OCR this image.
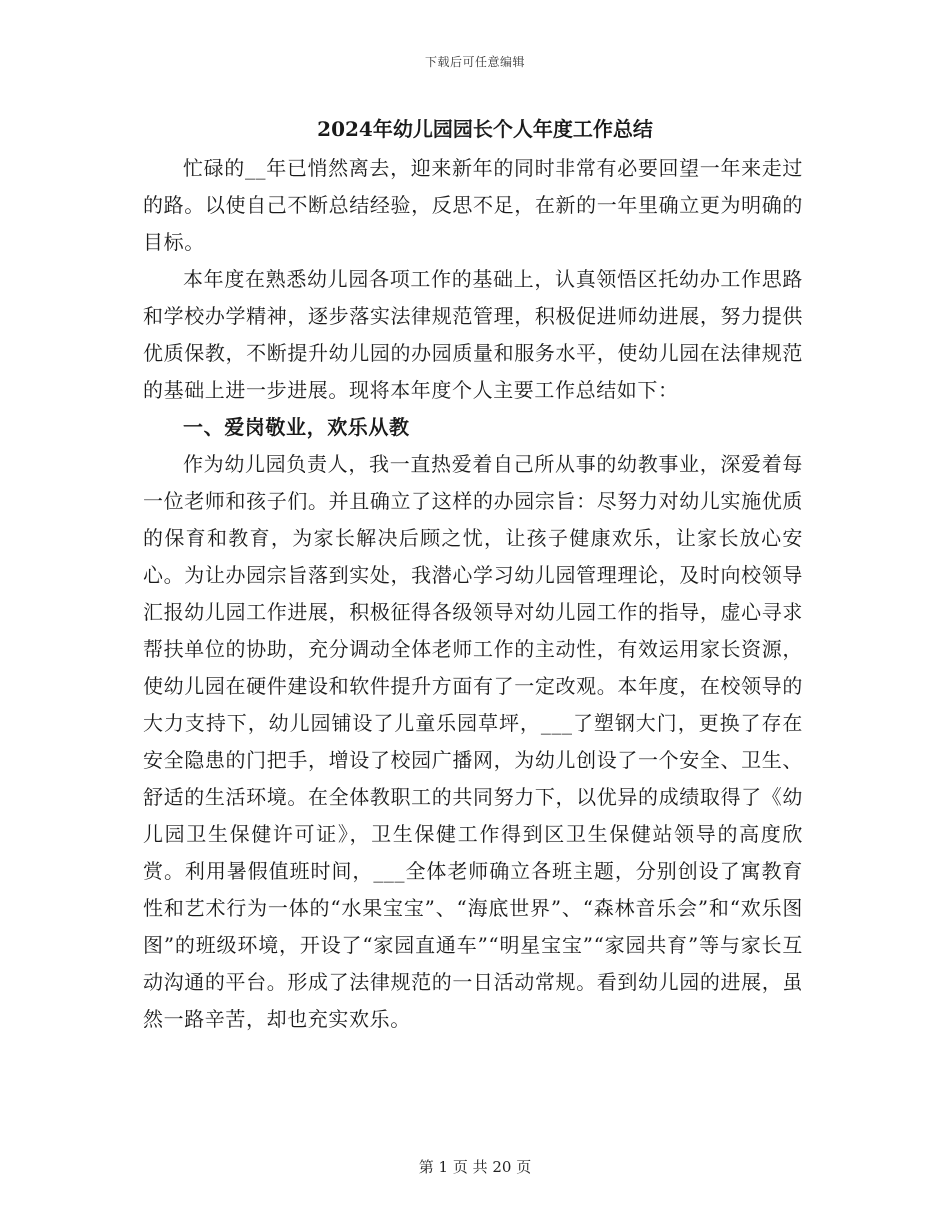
下载后可任意编辑
2024年幼儿园园长个人年度工作总结

忙碌的__年已悄然离去，迎来新年的同时非常有必要回望一年来走过的路。以使自己不断总结经验，反思不足，在新的一年里确立更为明确的目标。

本年度在熟悉幼儿园各项工作的基础上，认真领悟区托幼办工作思路和学校办学精神，逐步落实法律规范管理，积极促进师幼进展，努力提供优质保教，不断提升幼儿园的办园质量和服务水平，使幼儿园在法律规范的基础上进一步进展。现将本年度个人主要工作总结如下：

一、爱岗敬业，欢乐从教

作为幼儿园负责人，我一直热爱着自己所从事的幼教事业，深爱着每一位老师和孩子们。并且确立了这样的办园宗旨：尽努力对幼儿实施优质的保育和教育，为家长解决后顾之忧，让孩子健康欢乐，让家长放心安心。为让办园宗旨落到实处，我潜心学习幼儿园管理理论，及时向校领导汇报幼儿园工作进展，积极征得各级领导对幼儿园工作的指导，虚心寻求帮扶单位的协助，充分调动全体老师工作的主动性，有效运用家长资源，使幼儿园在硬件建设和软件提升方面有了一定改观。本年度，在校领导的大力支持下，幼儿园铺设了儿童乐园草坪，___了塑钢大门，更换了存在安全隐患的门把手，增设了校园广播网，为幼儿创设了一个安全、卫生、舒适的生活环境。在全体教职工的共同努力下，以优异的成绩取得了《幼儿园卫生保健许可证》，卫生保健工作得到区卫生保健站领导的高度欣赏。利用暑假值班时间，___全体老师确立各班主题，分别创设了寓教育性和艺术行为一体的“水果宝宝”、“海底世界”、“森林音乐会”和“欢乐图图”的班级环境，开设了“家园直通车”“明星宝宝”“家园共育”等与家长互动沟通的平台。形成了法律规范的一日活动常规。看到幼儿园的进展，虽然一路辛苦，却也充实欢乐。

第 1 页 共 20 页
